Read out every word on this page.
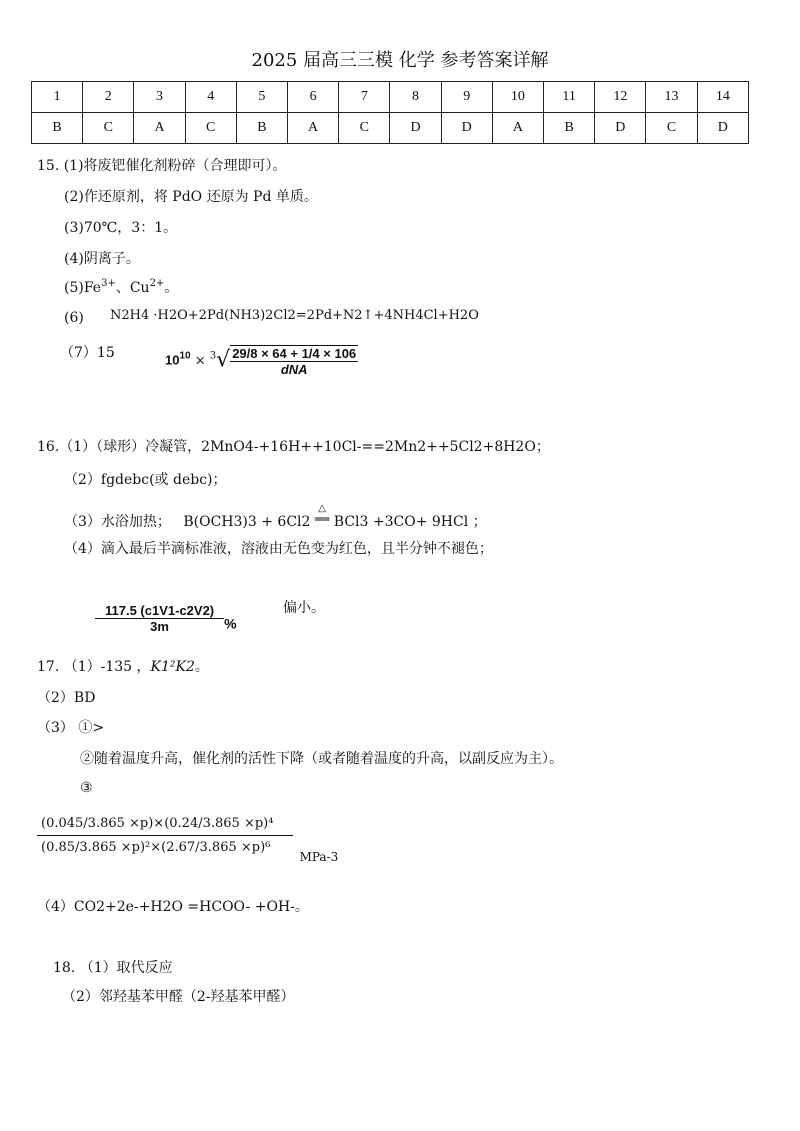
2025 届高三三模 化学 参考答案详解
1	2	3	4	5	6	7	8	9	10	11	12	13	14
B	C	A	C	B	A	C	D	D	A	B	D	C	D
15. (1)将废钯催化剂粉碎（合理即可）。
(2)作还原剂，将 PdO 还原为 Pd 单质。
(3)70℃，3：1。
(4)阴离子。
$(5)Fe^{3+}$、$Cu^{2+}$。
(6) N2H4 ·H2O+2Pd(NH3)2Cl2=2Pd+N2↑+4NH4Cl+H2O
（7）15	$10^{10} \times ^3√ \frac{29/8 \times 64 + 1/4 \times 106}{\text{dNA}}$
16.（1）（球形）冷凝管，2MnO4-+16H++10Cl-==2Mn2++5Cl2+8H2O；
（2）fgdebc(或 debc)；
（3）水浴加热； B(OCH3)3 + 6Cl2
△
══ BCl3 +3CO+ 9HCl ；
（4）滴入最后半滴标准液，溶液由无色变为红色，且半分钟不褪色；
$\frac{117.5 (c1V1-c2V2)}{3m}$ %
偏小。
17. （1）-135 ，K1²K2。
（2）BD
（3） ①>
②随着温度升高，催化剂的活性下降（或者随着温度的升高，以副反应为主）。
③
$\frac{\text{(0.045/3.865 ×p)×(0.24/3.865 ×p)⁴}}{\text{(0.85/3.865 ×p)²×(2.67/3.865 ×p)⁶}} MPa-3$
（4）CO2+2e-+H2O =HCOO- +OH-。
18. （1）取代反应
（2）邻羟基苯甲醛（2-羟基苯甲醛）
